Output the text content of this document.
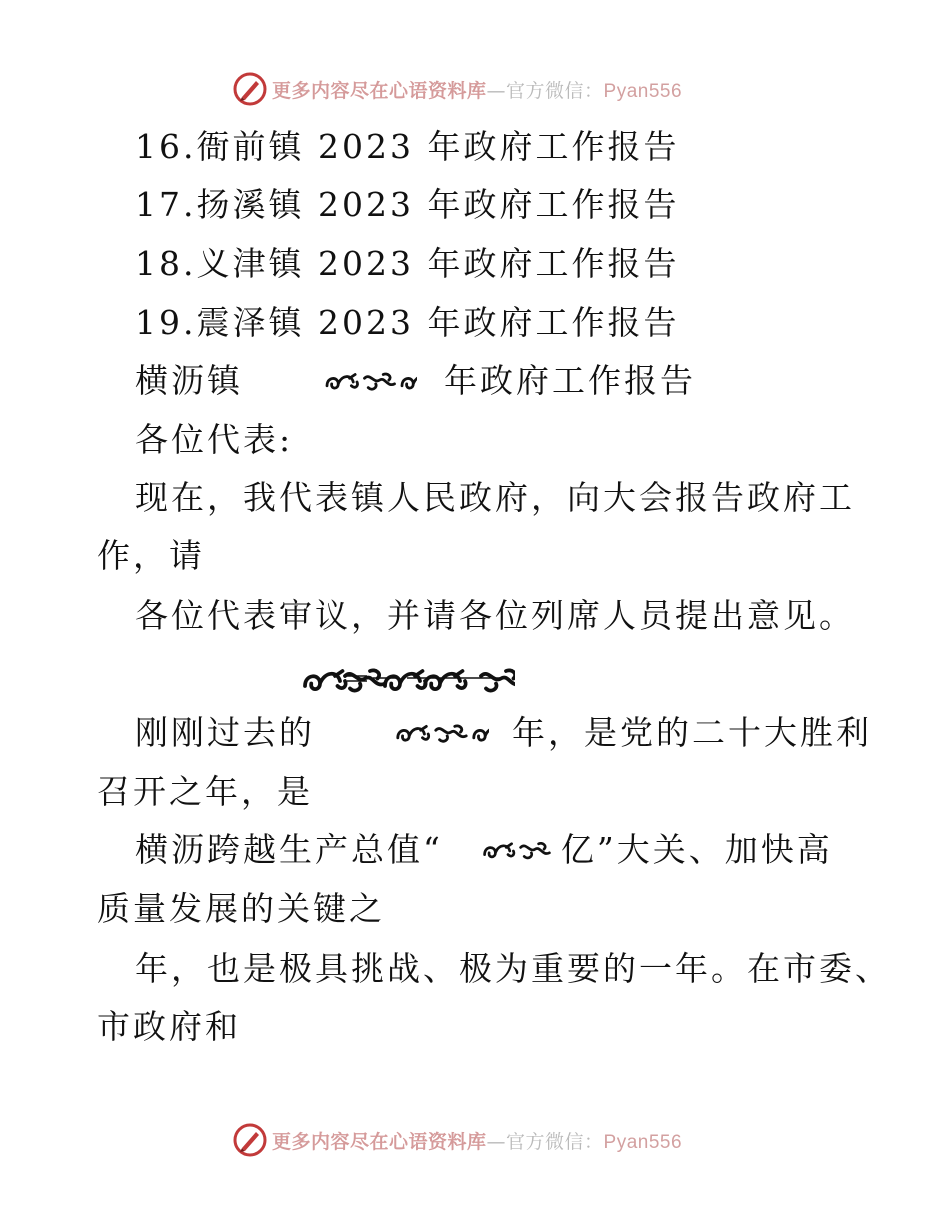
更多内容尽在心语资料库—官方微信：Pyan556
16.衙前镇 2023 年政府工作报告
17.扬溪镇 2023 年政府工作报告
18.义津镇 2023 年政府工作报告
19.震泽镇 2023 年政府工作报告
横沥镇	年政府工作报告
各位代表:
现在，我代表镇人民政府，向大会报告政府工
作，请
各位代表审议，并请各位列席人员提出意见。
刚刚过去的	年，是党的二十大胜利
召开之年，是
横沥跨越生产总值“	亿”大关、加快高
质量发展的关键之
年，也是极具挑战、极为重要的一年。在市委、
市政府和
更多内容尽在心语资料库—官方微信：Pyan556
